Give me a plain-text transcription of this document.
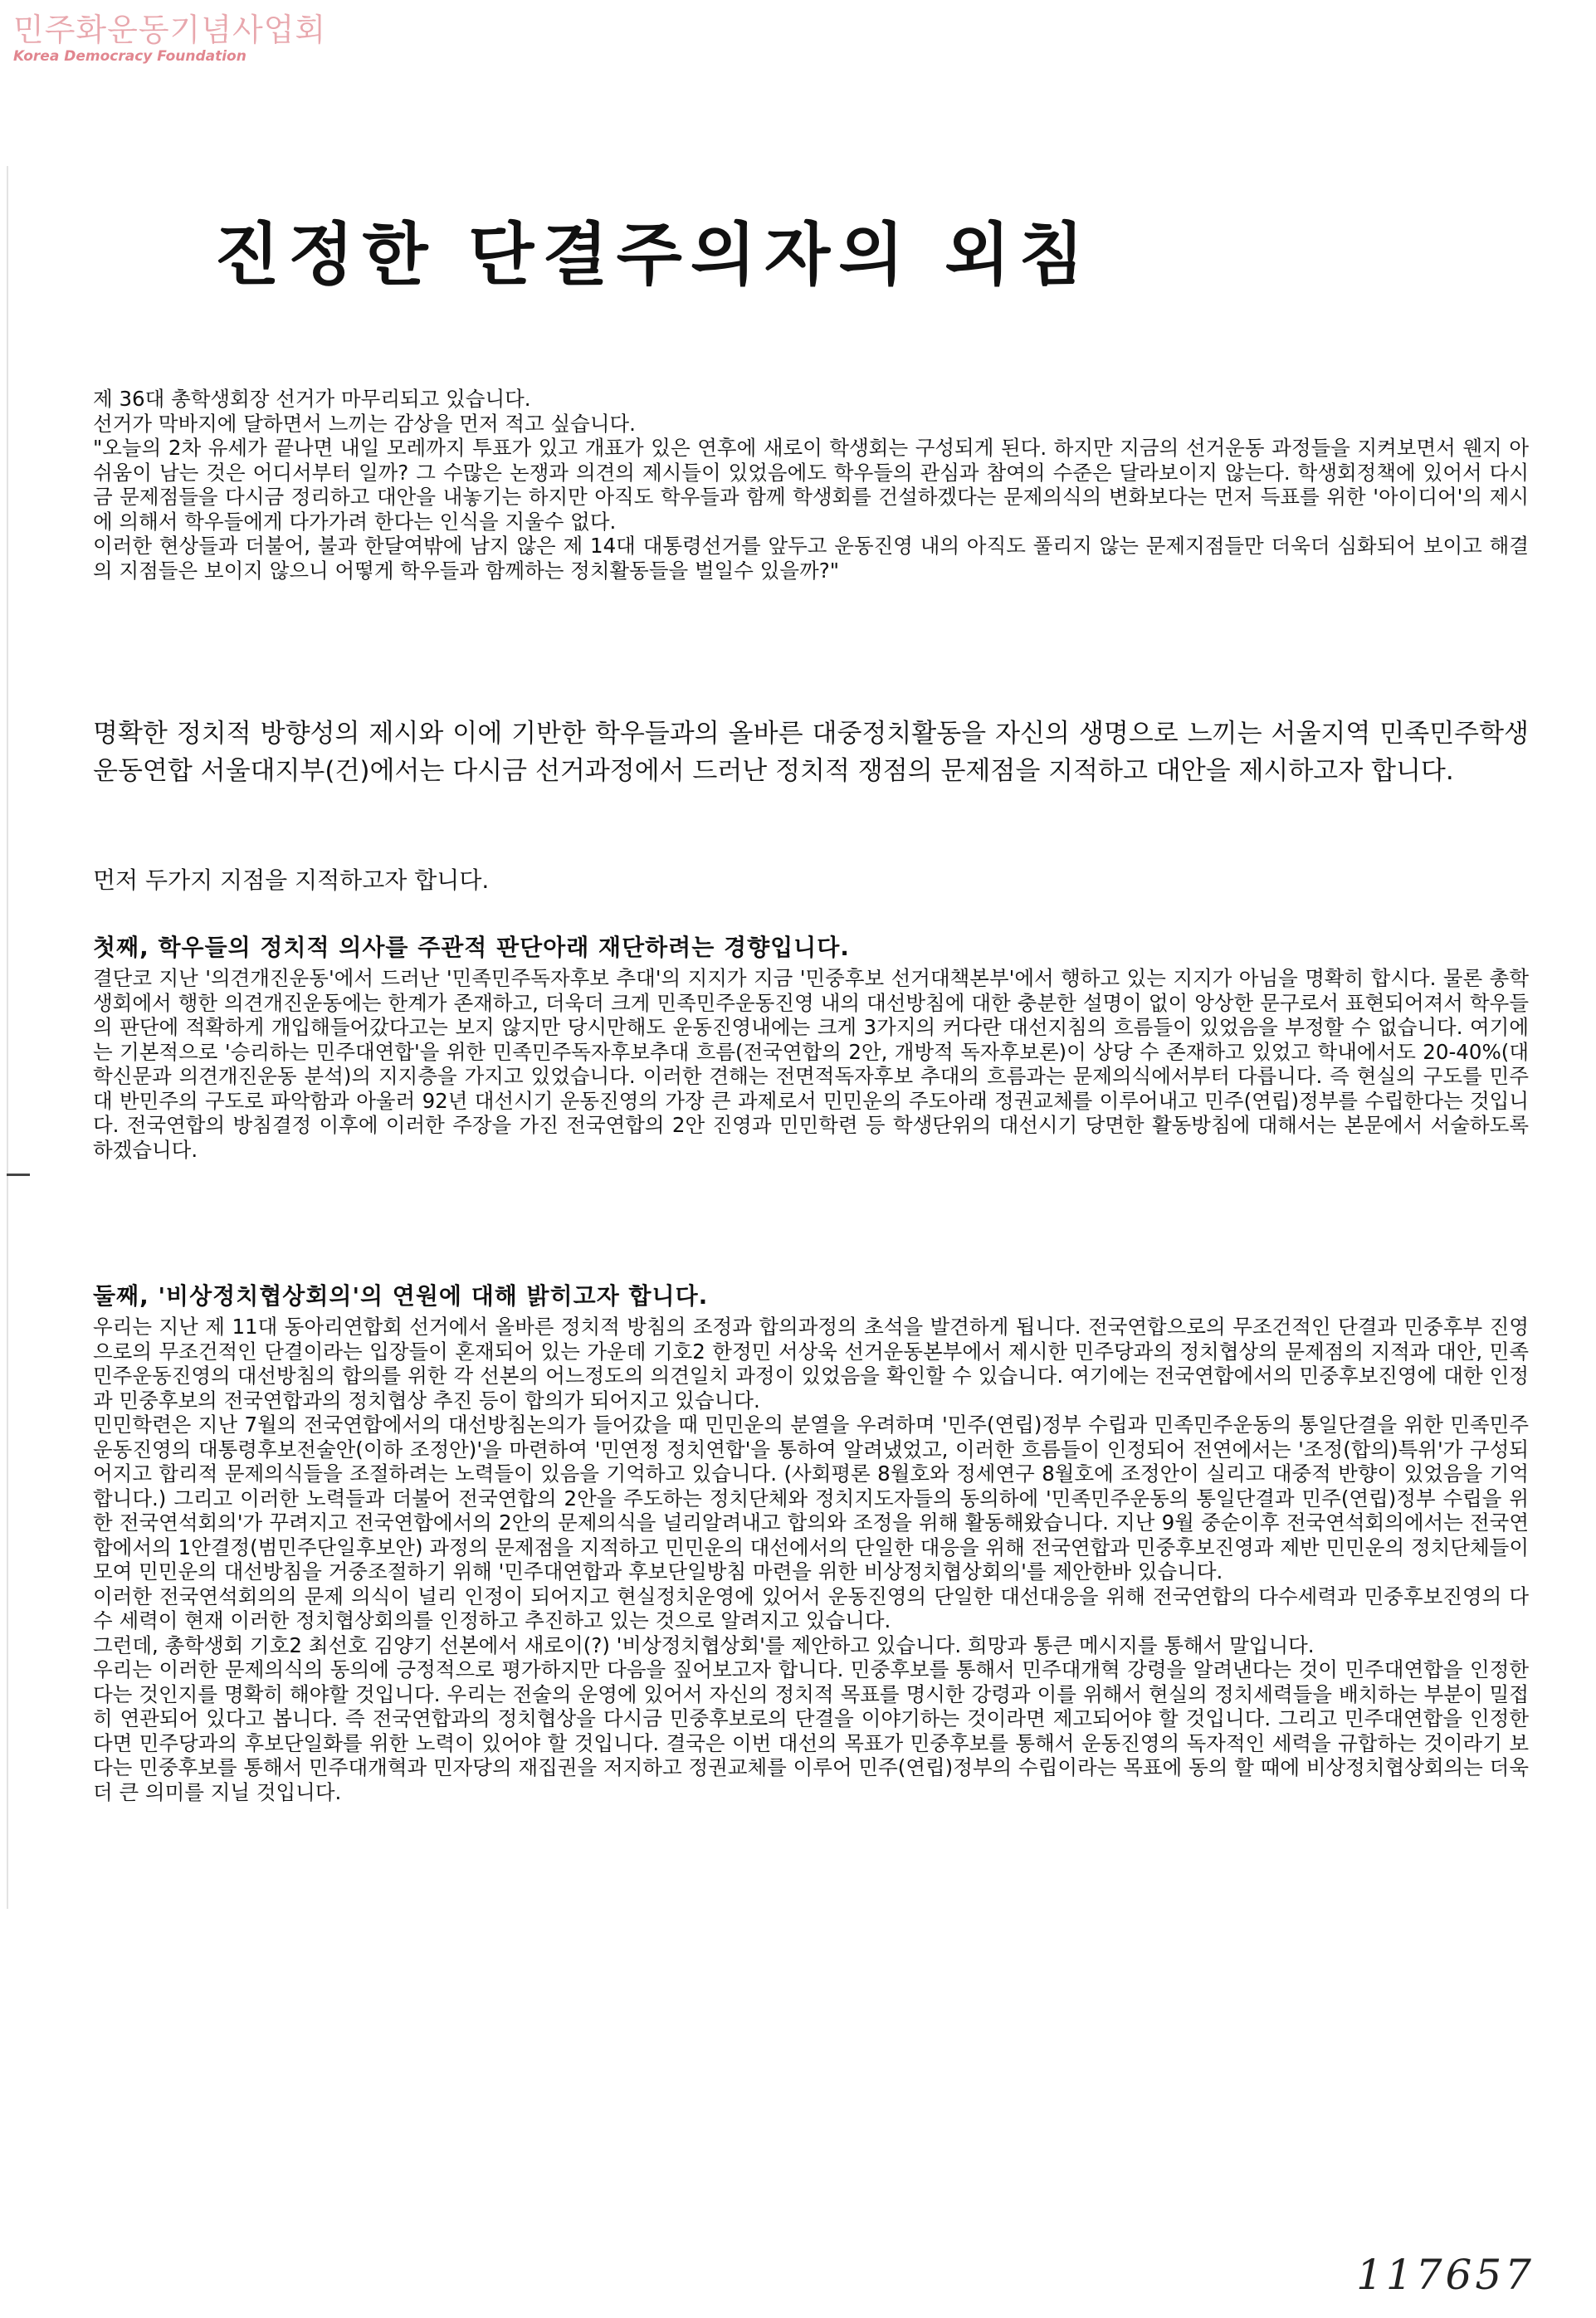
민주화운동기념사업회
Korea Democracy Foundation
진정한 단결주의자의 외침

제 36대 총학생회장 선거가 마무리되고 있습니다.

선거가 막바지에 달하면서 느끼는 감상을 먼저 적고 싶습니다.

"오늘의 2차 유세가 끝나면 내일 모레까지 투표가 있고 개표가 있은 연후에 새로이 학생회는 구성되게 된다. 하지만 지금의 선거운동 과정들을 지켜보면서 웬지 아쉬움이 남는 것은 어디서부터 일까? 그 수많은 논쟁과 의견의 제시들이 있었음에도 학우들의 관심과 참여의 수준은 달라보이지 않는다. 학생회정책에 있어서 다시금 문제점들을 다시금 정리하고 대안을 내놓기는 하지만 아직도 학우들과 함께 학생회를 건설하겠다는 문제의식의 변화보다는 먼저 득표를 위한 '아이디어'의 제시에 의해서 학우들에게 다가가려 한다는 인식을 지울수 없다.

이러한 현상들과 더불어, 불과 한달여밖에 남지 않은 제 14대 대통령선거를 앞두고 운동진영 내의 아직도 풀리지 않는 문제지점들만 더욱더 심화되어 보이고 해결의 지점들은 보이지 않으니 어떻게 학우들과 함께하는 정치활동들을 벌일수 있을까?"

명확한 정치적 방향성의 제시와 이에 기반한 학우들과의 올바른 대중정치활동을 자신의 생명으로 느끼는 서울지역 민족민주학생운동연합 서울대지부(건)에서는 다시금 선거과정에서 드러난 정치적 쟁점의 문제점을 지적하고 대안을 제시하고자 합니다.

먼저 두가지 지점을 지적하고자 합니다.

첫째, 학우들의 정치적 의사를 주관적 판단아래 재단하려는 경향입니다.

결단코 지난 '의견개진운동'에서 드러난 '민족민주독자후보 추대'의 지지가 지금 '민중후보 선거대책본부'에서 행하고 있는 지지가 아님을 명확히 합시다. 물론 총학생회에서 행한 의견개진운동에는 한계가 존재하고, 더욱더 크게 민족민주운동진영 내의 대선방침에 대한 충분한 설명이 없이 앙상한 문구로서 표현되어져서 학우들의 판단에 적확하게 개입해들어갔다고는 보지 않지만 당시만해도 운동진영내에는 크게 3가지의 커다란 대선지침의 흐름들이 있었음을 부정할 수 없습니다. 여기에는 기본적으로 '승리하는 민주대연합'을 위한 민족민주독자후보추대 흐름(전국연합의 2안, 개방적 독자후보론)이 상당 수 존재하고 있었고 학내에서도 20-40%(대학신문과 의견개진운동 분석)의 지지층을 가지고 있었습니다. 이러한 견해는 전면적독자후보 추대의 흐름과는 문제의식에서부터 다릅니다. 즉 현실의 구도를 민주대 반민주의 구도로 파악함과 아울러 92년 대선시기 운동진영의 가장 큰 과제로서 민민운의 주도아래 정권교체를 이루어내고 민주(연립)정부를 수립한다는 것입니다. 전국연합의 방침결정 이후에 이러한 주장을 가진 전국연합의 2안 진영과 민민학련 등 학생단위의 대선시기 당면한 활동방침에 대해서는 본문에서 서술하도록 하겠습니다.

둘째, '비상정치협상회의'의 연원에 대해 밝히고자 합니다.

우리는 지난 제 11대 동아리연합회 선거에서 올바른 정치적 방침의 조정과 합의과정의 초석을 발견하게 됩니다. 전국연합으로의 무조건적인 단결과 민중후부 진영으로의 무조건적인 단결이라는 입장들이 혼재되어 있는 가운데 기호2 한정민 서상욱 선거운동본부에서 제시한 민주당과의 정치협상의 문제점의 지적과 대안, 민족민주운동진영의 대선방침의 합의를 위한 각 선본의 어느정도의 의견일치 과정이 있었음을 확인할 수 있습니다. 여기에는 전국연합에서의 민중후보진영에 대한 인정과 민중후보의 전국연합과의 정치협상 추진 등이 합의가 되어지고 있습니다.

민민학련은 지난 7월의 전국연합에서의 대선방침논의가 들어갔을 때 민민운의 분열을 우려하며 '민주(연립)정부 수립과 민족민주운동의 통일단결을 위한 민족민주운동진영의 대통령후보전술안(이하 조정안)'을 마련하여 '민연정 정치연합'을 통하여 알려냈었고, 이러한 흐름들이 인정되어 전연에서는 '조정(합의)특위'가 구성되어지고 합리적 문제의식들을 조절하려는 노력들이 있음을 기억하고 있습니다. (사회평론 8월호와 정세연구 8월호에 조정안이 실리고 대중적 반향이 있었음을 기억합니다.) 그리고 이러한 노력들과 더불어 전국연합의 2안을 주도하는 정치단체와 정치지도자들의 동의하에 '민족민주운동의 통일단결과 민주(연립)정부 수립을 위한 전국연석회의'가 꾸려지고 전국연합에서의 2안의 문제의식을 널리알려내고 합의와 조정을 위해 활동해왔습니다. 지난 9월 중순이후 전국연석회의에서는 전국연합에서의 1안결정(범민주단일후보안) 과정의 문제점을 지적하고 민민운의 대선에서의 단일한 대응을 위해 전국연합과 민중후보진영과 제반 민민운의 정치단체들이 모여 민민운의 대선방침을 거중조절하기 위해 '민주대연합과 후보단일방침 마련을 위한 비상정치협상회의'를 제안한바 있습니다.

이러한 전국연석회의의 문제 의식이 널리 인정이 되어지고 현실정치운영에 있어서 운동진영의 단일한 대선대응을 위해 전국연합의 다수세력과 민중후보진영의 다수 세력이 현재 이러한 정치협상회의를 인정하고 추진하고 있는 것으로 알려지고 있습니다.

그런데, 총학생회 기호2 최선호 김양기 선본에서 새로이(?) '비상정치협상회'를 제안하고 있습니다. 희망과 통큰 메시지를 통해서 말입니다.

우리는 이러한 문제의식의 동의에 긍정적으로 평가하지만 다음을 짚어보고자 합니다. 민중후보를 통해서 민주대개혁 강령을 알려낸다는 것이 민주대연합을 인정한다는 것인지를 명확히 해야할 것입니다. 우리는 전술의 운영에 있어서 자신의 정치적 목표를 명시한 강령과 이를 위해서 현실의 정치세력들을 배치하는 부분이 밀접히 연관되어 있다고 봅니다. 즉 전국연합과의 정치협상을 다시금 민중후보로의 단결을 이야기하는 것이라면 제고되어야 할 것입니다. 그리고 민주대연합을 인정한다면 민주당과의 후보단일화를 위한 노력이 있어야 할 것입니다. 결국은 이번 대선의 목표가 민중후보를 통해서 운동진영의 독자적인 세력을 규합하는 것이라기 보다는 민중후보를 통해서 민주대개혁과 민자당의 재집권을 저지하고 정권교체를 이루어 민주(연립)정부의 수립이라는 목표에 동의 할 때에 비상정치협상회의는 더욱더 큰 의미를 지닐 것입니다.

117657
